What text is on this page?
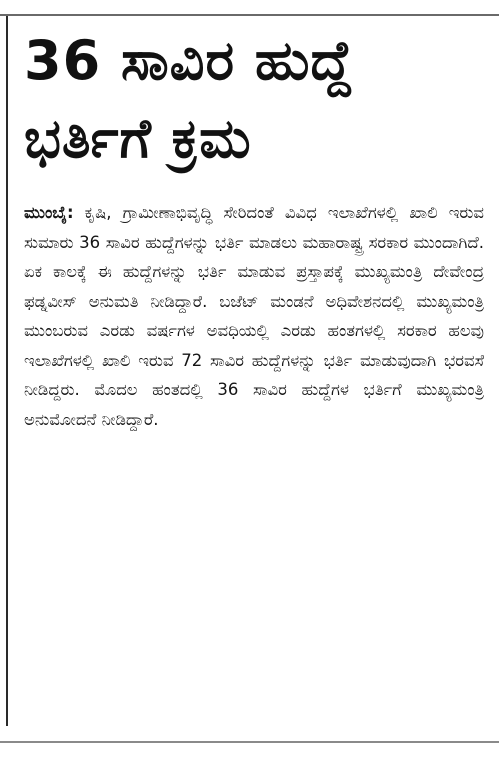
36 ಸಾವಿರ ಹುದ್ದೆ
ಭರ್ತಿಗೆ ಕ್ರಮ
ಮುಂಬೈ: ಕೃಷಿ, ಗ್ರಾಮೀಣಾಭಿವೃದ್ಧಿ ಸೇರಿದಂತೆ ವಿವಿಧ ಇಲಾಖೆಗಳಲ್ಲಿ ಖಾಲಿ ಇರುವ ಸುಮಾರು 36 ಸಾವಿರ ಹುದ್ದೆಗಳನ್ನು ಭರ್ತಿ ಮಾಡಲು ಮಹಾರಾಷ್ಟ್ರ ಸರಕಾರ ಮುಂದಾಗಿದೆ. ಏಕ ಕಾಲಕ್ಕೆ ಈ ಹುದ್ದೆಗಳನ್ನು ಭರ್ತಿ ಮಾಡುವ ಪ್ರಸ್ತಾಪಕ್ಕೆ ಮುಖ್ಯಮಂತ್ರಿ ದೇವೇಂದ್ರ ಫಡ್ನವೀಸ್ ಅನುಮತಿ ನೀಡಿದ್ದಾರೆ. ಬಜೆಟ್ ಮಂಡನೆ ಅಧಿವೇಶನದಲ್ಲಿ ಮುಖ್ಯಮಂತ್ರಿ ಮುಂಬರುವ ಎರಡು ವರ್ಷಗಳ ಅವಧಿಯಲ್ಲಿ ಎರಡು ಹಂತಗಳಲ್ಲಿ ಸರಕಾರ ಹಲವು ಇಲಾಖೆಗಳಲ್ಲಿ ಖಾಲಿ ಇರುವ 72 ಸಾವಿರ ಹುದ್ದೆಗಳನ್ನು ಭರ್ತಿ ಮಾಡುವುದಾಗಿ ಭರವಸೆ ನೀಡಿದ್ದರು. ಮೊದಲ ಹಂತದಲ್ಲಿ 36 ಸಾವಿರ ಹುದ್ದೆಗಳ ಭರ್ತಿಗೆ ಮುಖ್ಯಮಂತ್ರಿ ಅನುಮೋದನೆ ನೀಡಿದ್ದಾರೆ.
